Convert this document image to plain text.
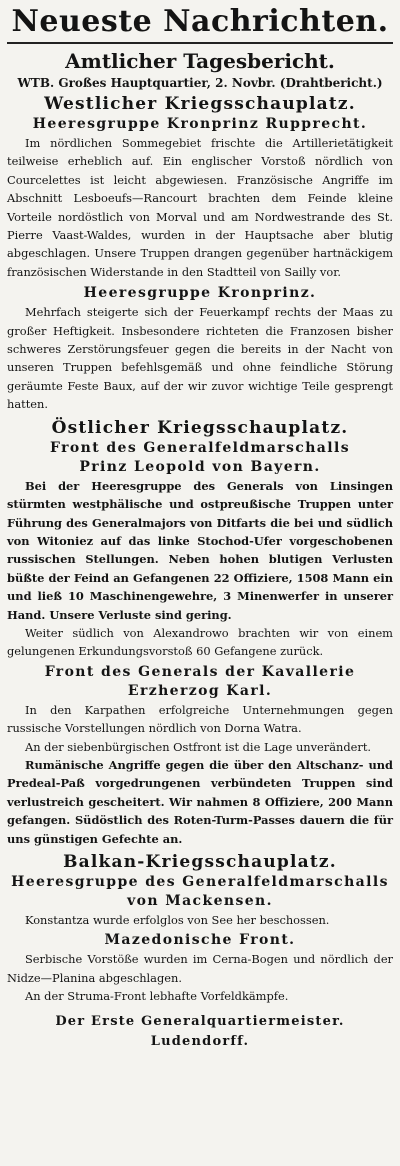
Neueste Nachrichten.
Amtlicher Tagesbericht.
WTB. Großes Hauptquartier, 2. Novbr. (Drahtbericht.)
Westlicher Kriegsschauplatz.
Heeresgruppe Kronprinz Rupprecht.

Im nördlichen Sommegebiet frischte die Artillerietätigkeit teilweise erheblich auf. Ein englischer Vorstoß nördlich von Courcelettes ist leicht abgewiesen. Französische Angriffe im Abschnitt Lesboeufs—Rancourt brachten dem Feinde kleine Vorteile nordöstlich von Morval und am Nordwestrande des St. Pierre Vaast-Waldes, wurden in der Hauptsache aber blutig abgeschlagen. Unsere Truppen drangen gegenüber hartnäckigem französischen Widerstande in den Stadtteil von Sailly vor.

Heeresgruppe Kronprinz.

Mehrfach steigerte sich der Feuerkampf rechts der Maas zu großer Heftigkeit. Insbesondere richteten die Franzosen bisher schweres Zerstörungsfeuer gegen die bereits in der Nacht von unseren Truppen befehlsgemäß und ohne feindliche Störung geräumte Feste Baux, auf der wir zuvor wichtige Teile gesprengt hatten.

Östlicher Kriegsschauplatz.
Front des Generalfeldmarschalls
Prinz Leopold von Bayern.

Bei der Heeresgruppe des Generals von Linsingen stürmten westphälische und ostpreußische Truppen unter Führung des Generalmajors von Ditfarts die bei und südlich von Witoniez auf das linke Stochod-Ufer vorgeschobenen russischen Stellungen. Neben hohen blutigen Verlusten büßte der Feind an Gefangenen 22 Offiziere, 1508 Mann ein und ließ 10 Maschinengewehre, 3 Minenwerfer in unserer Hand. Unsere Verluste sind gering.

Weiter südlich von Alexandrowo brachten wir von einem gelungenen Erkundungsvorstoß 60 Gefangene zurück.

Front des Generals der Kavallerie
Erzherzog Karl.

In den Karpathen erfolgreiche Unternehmungen gegen russische Vorstellungen nördlich von Dorna Watra.

An der siebenbürgischen Ostfront ist die Lage unverändert.

Rumänische Angriffe gegen die über den Altschanz- und Predeal-Paß vorgedrungenen verbündeten Truppen sind verlustreich gescheitert. Wir nahmen 8 Offiziere, 200 Mann gefangen. Südöstlich des Roten-Turm-Passes dauern die für uns günstigen Gefechte an.

Balkan-Kriegsschauplatz.
Heeresgruppe des Generalfeldmarschalls
von Mackensen.

Konstantza wurde erfolglos von See her beschossen.

Mazedonische Front.

Serbische Vorstöße wurden im Cerna-Bogen und nördlich der Nidze—Planina abgeschlagen.

An der Struma-Front lebhafte Vorfeldkämpfe.

Der Erste Generalquartiermeister.
Ludendorff.
